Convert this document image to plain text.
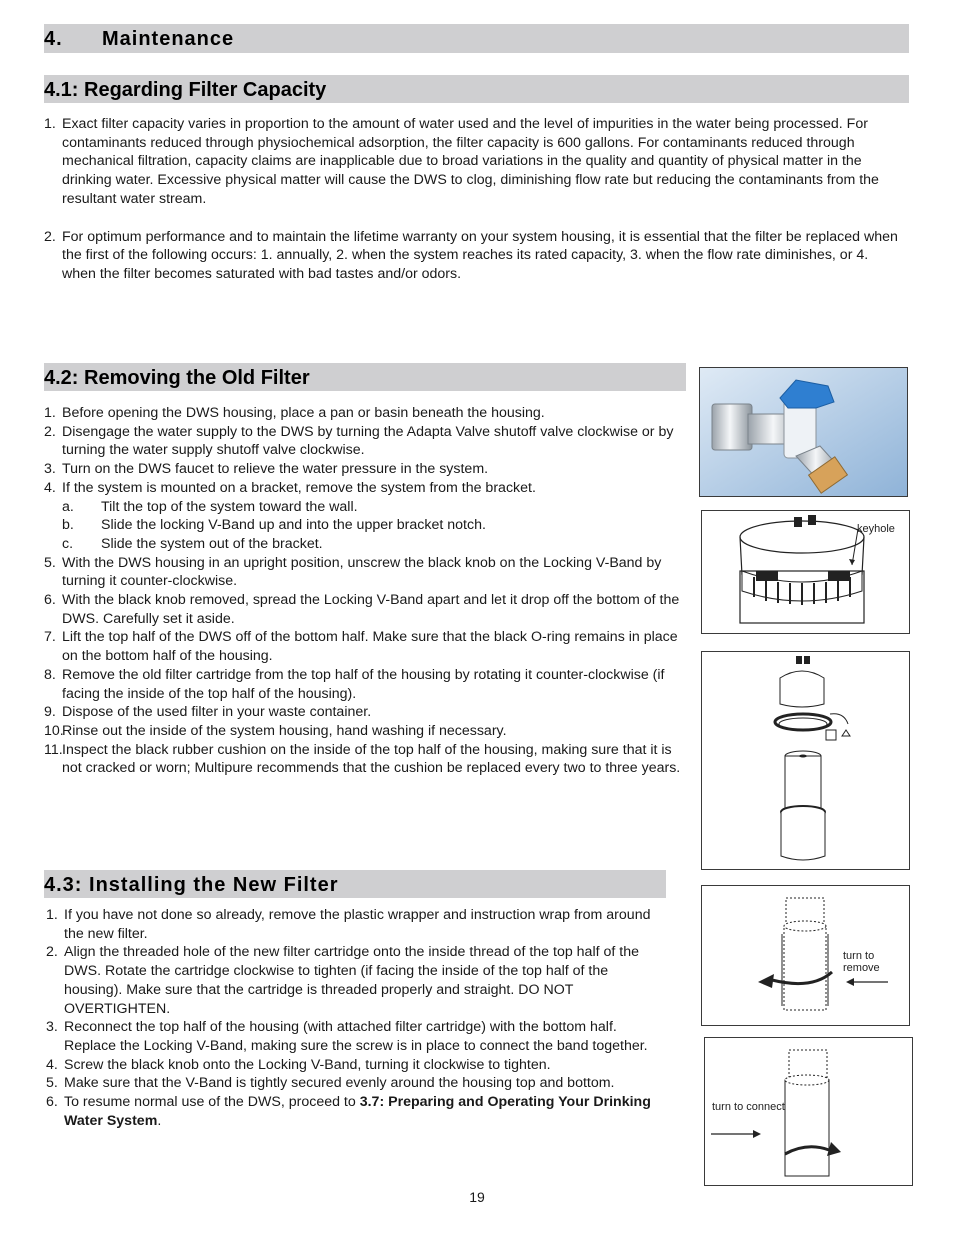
4. Maintenance
4.1: Regarding Filter Capacity
1. Exact filter capacity varies in proportion to the amount of water used and the level of impurities in the water being processed. For contaminants reduced through physiochemical adsorption, the filter capacity is 600 gallons. For contaminants reduced through mechanical filtration, capacity claims are inapplicable due to broad variations in the quality and quantity of physical matter in the drinking water. Excessive physical matter will cause the DWS to clog, diminishing flow rate but reducing the contaminants from the resultant water stream.
2. For optimum performance and to maintain the lifetime warranty on your system housing, it is essential that the filter be replaced when the first of the following occurs: 1. annually, 2. when the system reaches its rated capacity, 3. when the flow rate diminishes, or 4. when the filter becomes saturated with bad tastes and/or odors.
4.2: Removing the Old Filter
1. Before opening the DWS housing, place a pan or basin beneath the housing.
2. Disengage the water supply to the DWS by turning the Adapta Valve shutoff valve clockwise or by turning the water supply shutoff valve clockwise.
3. Turn on the DWS faucet to relieve the water pressure in the system.
4. If the system is mounted on a bracket, remove the system from the bracket.
a. Tilt the top of the system toward the wall.
b. Slide the locking V-Band up and into the upper bracket notch.
c. Slide the system out of the bracket.
5. With the DWS housing in an upright position, unscrew the black knob on the Locking V-Band by turning it counter-clockwise.
6. With the black knob removed, spread the Locking V-Band apart and let it drop off the bottom of the DWS. Carefully set it aside.
7. Lift the top half of the DWS off of the bottom half. Make sure that the black O-ring remains in place on the bottom half of the housing.
8. Remove the old filter cartridge from the top half of the housing by rotating it counter-clockwise (if facing the inside of the top half of the housing).
9. Dispose of the used filter in your waste container.
10.
Rinse out the inside of the system housing, hand washing if necessary.
11. Inspect the black rubber cushion on the inside of the top half of the housing, making sure that it is not cracked or worn; Multipure recommends that the cushion be replaced every two to three years.
4.3: Installing the New Filter
1. If you have not done so already, remove the plastic wrapper and instruction wrap from around the new filter.
2. Align the threaded hole of the new filter cartridge onto the inside thread of the top half of the DWS. Rotate the cartridge clockwise to tighten (if facing the inside of the top half of the housing). Make sure that the cartridge is threaded properly and straight. DO NOT OVERTIGHTEN.
3. Reconnect the top half of the housing (with attached filter cartridge) with the bottom half. Replace the Locking V-Band, making sure the screw is in place to connect the band together.
4. Screw the black knob onto the Locking V-Band, turning it clockwise to tighten.
5. Make sure that the V-Band is tightly secured evenly around the housing top and bottom.
6. To resume normal use of the DWS, proceed to 3.7: Preparing and Operating Your Drinking Water System.
keyhole
turn to remove
turn to connect
19
